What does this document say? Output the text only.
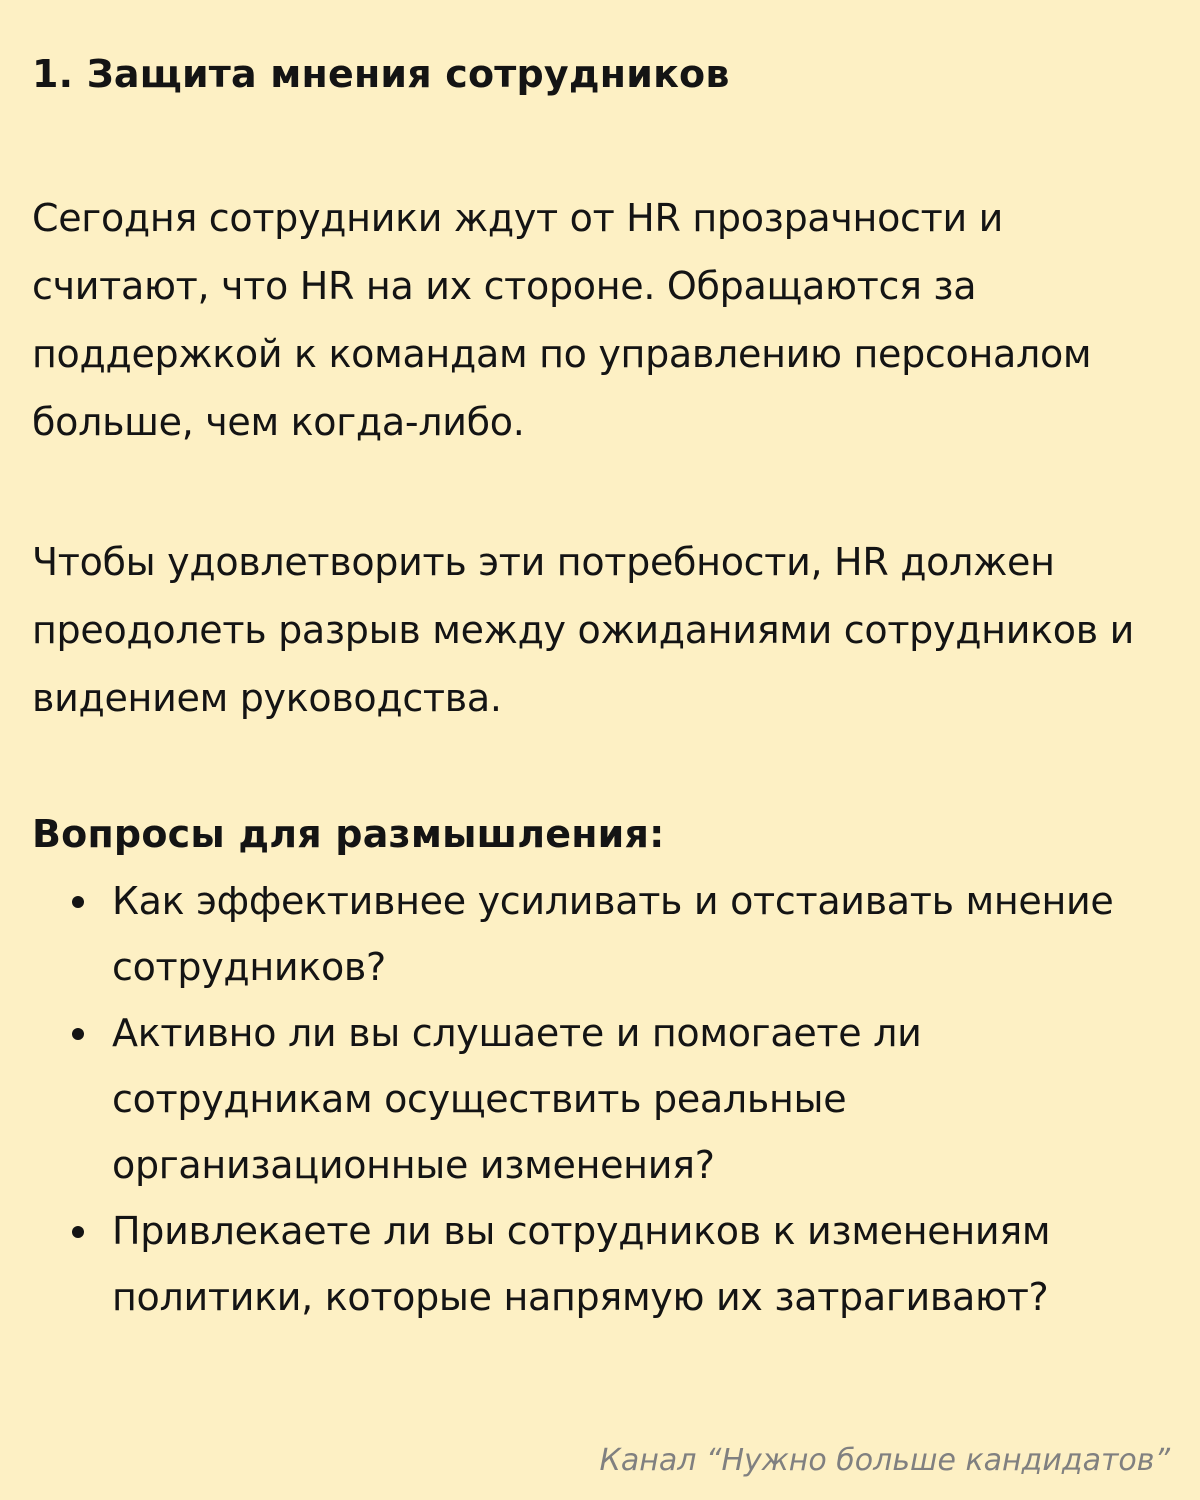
1. Защита мнения сотрудников

Сегодня сотрудники ждут от HR прозрачности и считают, что HR на их стороне. Обращаются за поддержкой к командам по управлению персоналом больше, чем когда-либо.

Чтобы удовлетворить эти потребности, HR должен преодолеть разрыв между ожиданиями сотрудников и видением руководства.

Вопросы для размышления:
Как эффективнее усиливать и отстаивать мнение сотрудников?
Активно ли вы слушаете и помогаете ли сотрудникам осуществить реальные организационные изменения?
Привлекаете ли вы сотрудников к изменениям политики, которые напрямую их затрагивают?
Канал “Нужно больше кандидатов”
